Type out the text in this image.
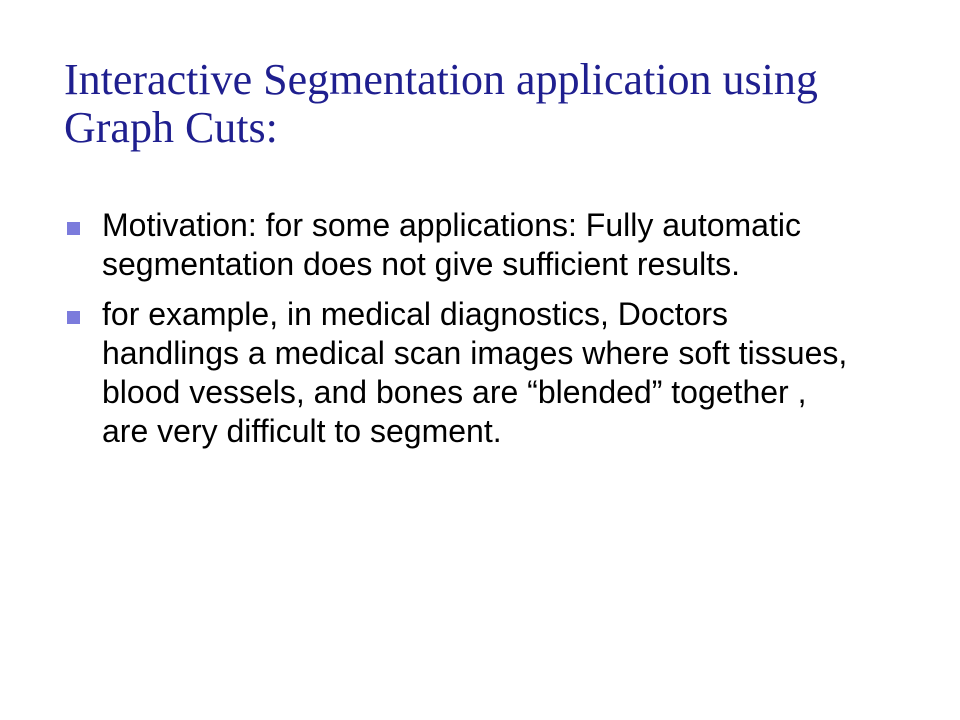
Interactive Segmentation application using Graph Cuts:
Motivation: for some applications: Fully automatic segmentation does not give sufficient results.
for example, in medical diagnostics, Doctors handlings a medical scan images where soft tissues, blood vessels, and bones are “blended” together , are very difficult to segment.
